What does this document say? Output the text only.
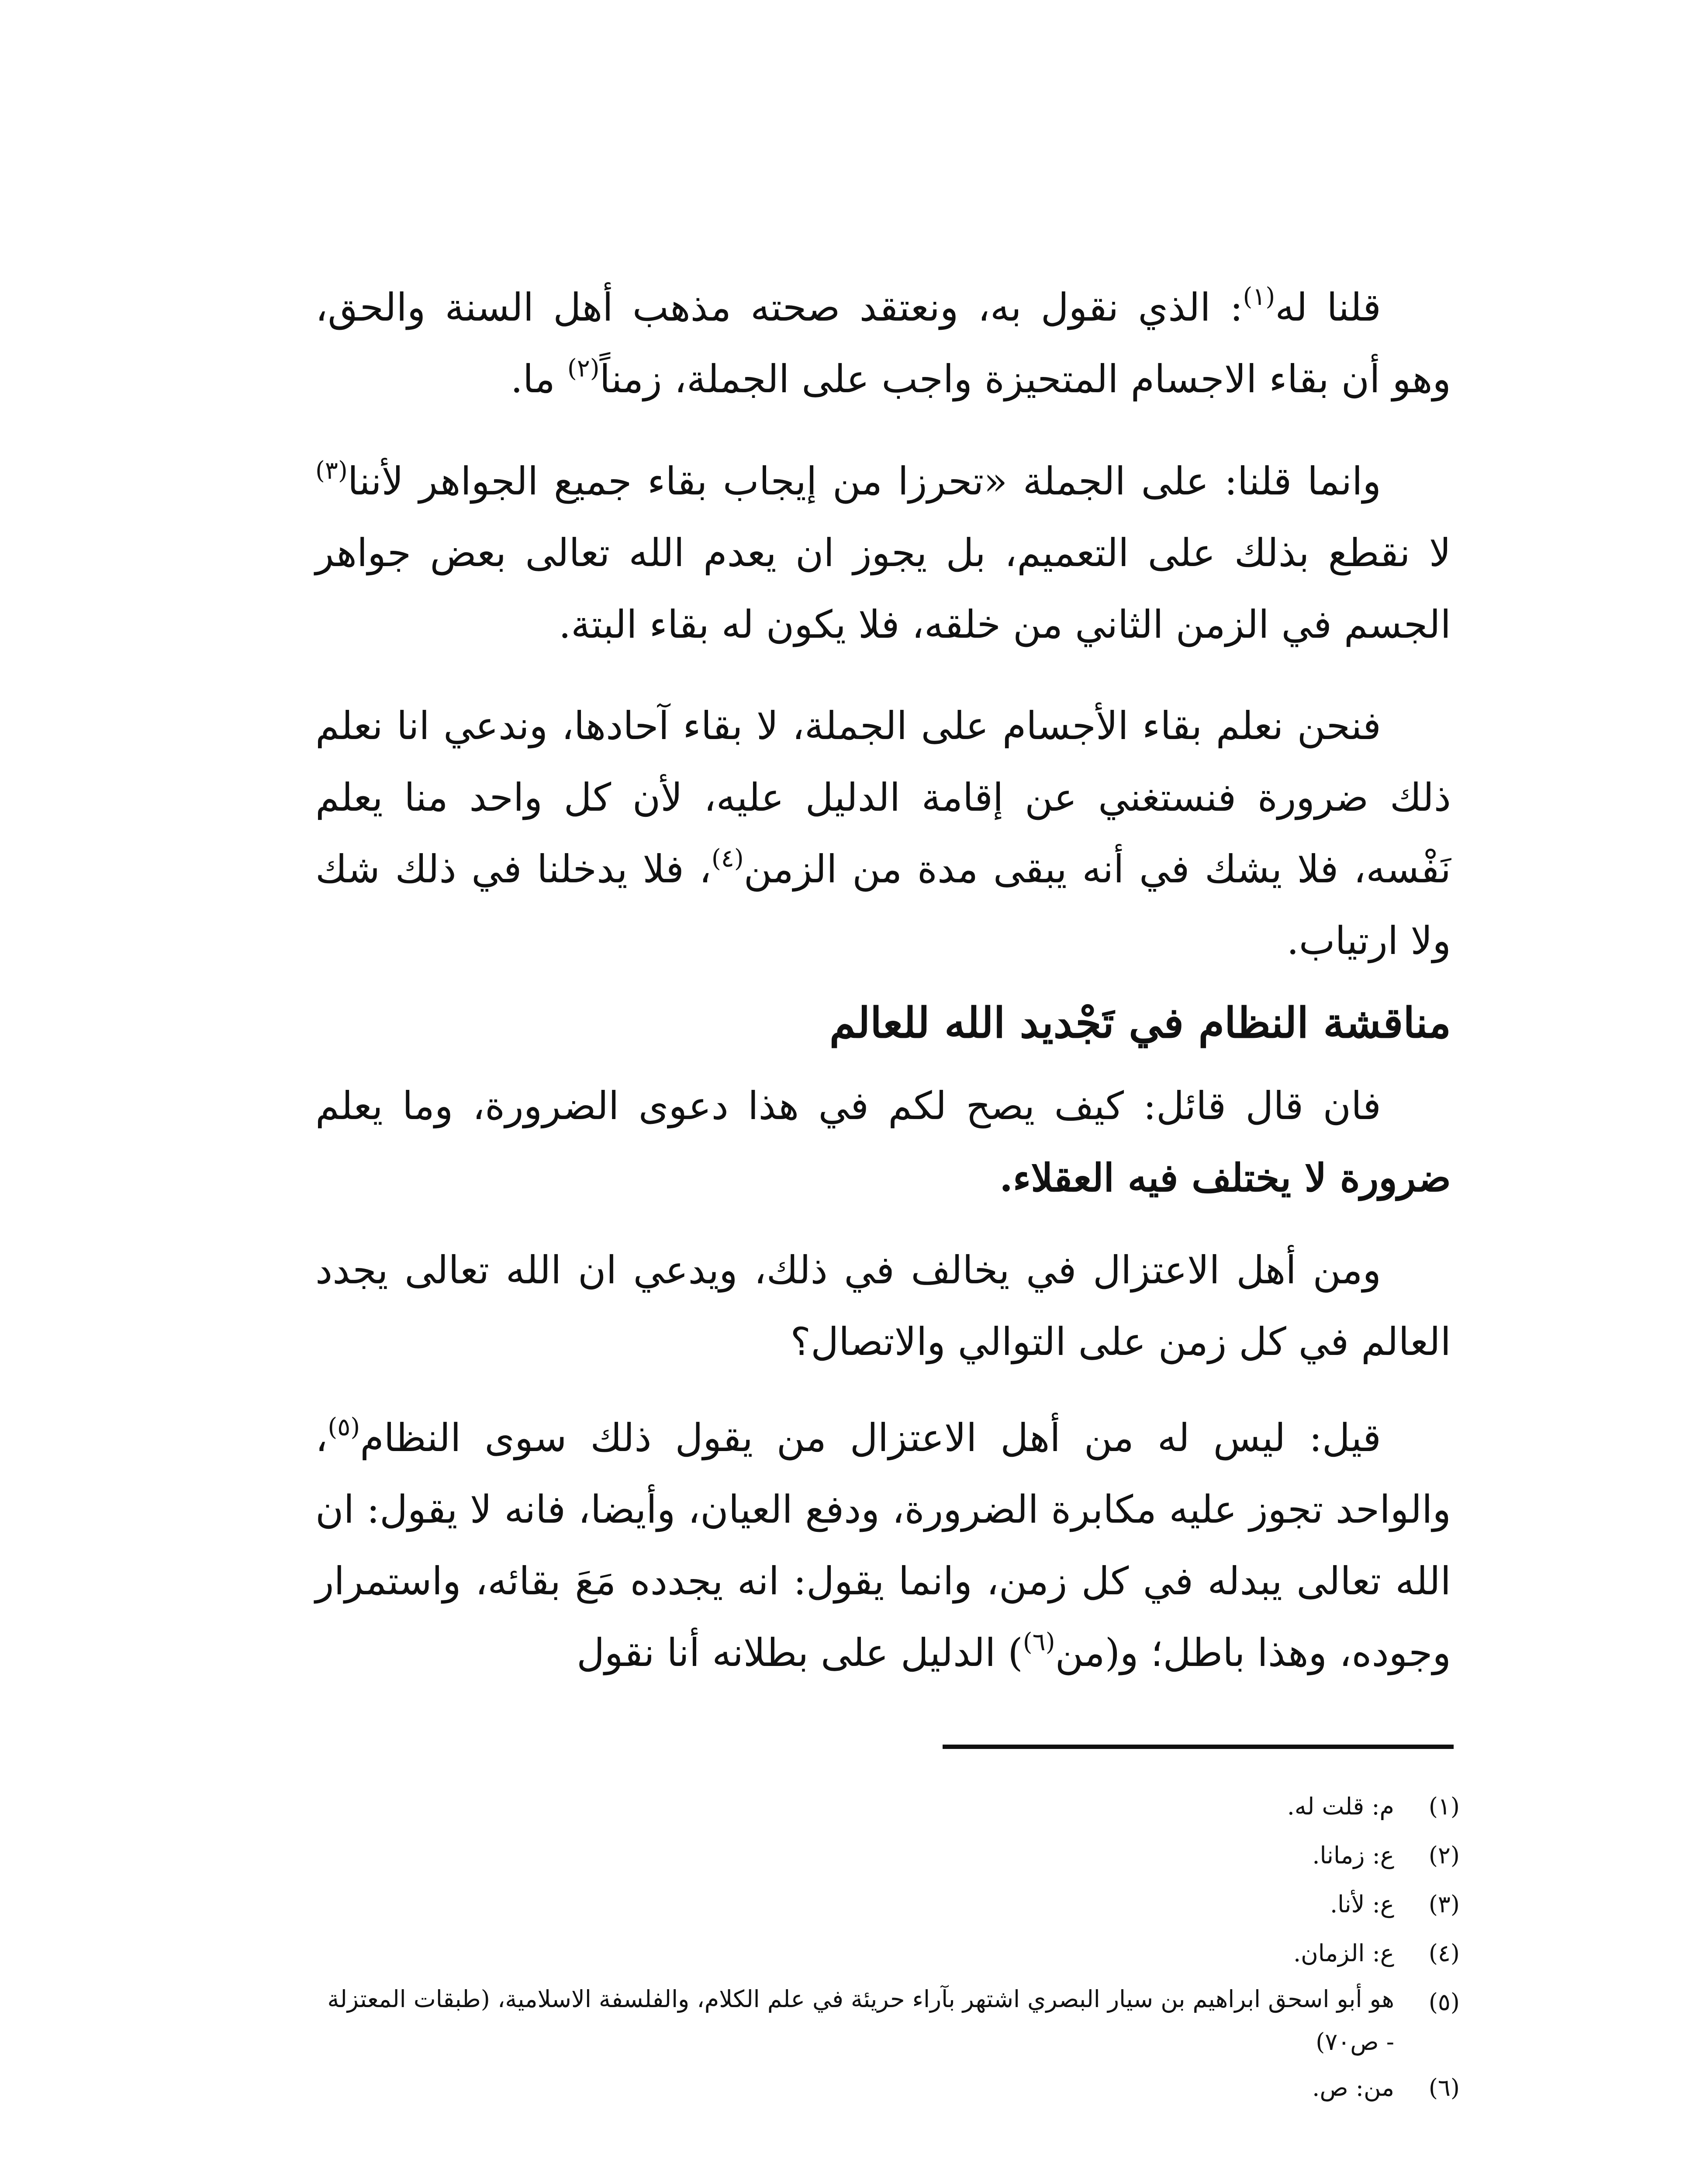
قلنا له$^{(١)}$: الذي نقول به، ونعتقد صحته مذهب أهل السنة والحق، وهو أن بقاء الاجسام المتحيزة واجب على الجملة، زمناً$^{(٢)}$ ما.

وانما قلنا: على الجملة «تحرزا من إيجاب بقاء جميع الجواهر لأننا$^{(٣)}$ لا نقطع بذلك على التعميم، بل يجوز ان يعدم الله تعالى بعض جواهر الجسم في الزمن الثاني من خلقه، فلا يكون له بقاء البتة.

فنحن نعلم بقاء الأجسام على الجملة، لا بقاء آحادها، وندعي انا نعلم ذلك ضرورة فنستغني عن إقامة الدليل عليه، لأن كل واحد منا يعلم نَفْسه، فلا يشك في أنه يبقى مدة من الزمن$^{(٤)}$، فلا يدخلنا في ذلك شك ولا ارتياب.

مناقشة النظام في تَجْديد الله للعالم

فان قال قائل: كيف يصح لكم في هذا دعوى الضرورة، وما يعلم ضرورة لا يختلف فيه العقلاء.

ومن أهل الاعتزال في يخالف في ذلك، ويدعي ان الله تعالى يجدد العالم في كل زمن على التوالي والاتصال؟

قيل: ليس له من أهل الاعتزال من يقول ذلك سوى النظام$^{(٥)}$، والواحد تجوز عليه مكابرة الضرورة، ودفع العيان، وأيضا، فانه لا يقول: ان الله تعالى يبدله في كل زمن، وانما يقول: انه يجدده مَعَ بقائه، واستمرار وجوده، وهذا باطل؛ و(من$^{(٦)}$) الدليل على بطلانه أنا نقول

(١)
م: قلت له.

(٢)
ع: زمانا.

(٣)
ع: لأنا.

(٤)
ع: الزمان.

(٥)
هو أبو اسحق ابراهيم بن سيار البصري اشتهر بآراء حريئة في علم الكلام، والفلسفة الاسلامية، (طبقات المعتزلة - ص٧٠)

(٦)
من: ص.
